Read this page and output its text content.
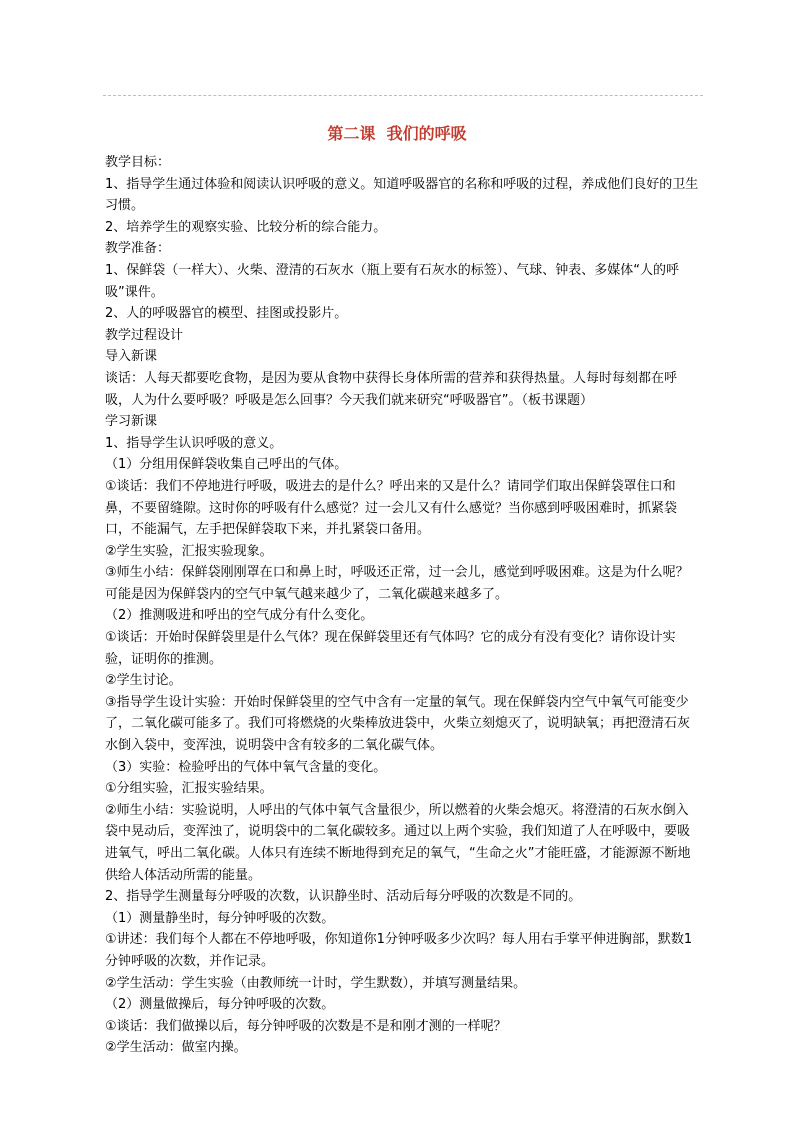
第二课  我们的呼吸

教学目标：

1、指导学生通过体验和阅读认识呼吸的意义。知道呼吸器官的名称和呼吸的过程，养成他们良好的卫生习惯。

2、培养学生的观察实验、比较分析的综合能力。

教学准备：

1、保鲜袋（一样大）、火柴、澄清的石灰水（瓶上要有石灰水的标签）、气球、钟表、多媒体“人的呼吸”课件。

2、人的呼吸器官的模型、挂图或投影片。

教学过程设计

导入新课

谈话：人每天都要吃食物，是因为要从食物中获得长身体所需的营养和获得热量。人每时每刻都在呼吸，人为什么要呼吸？呼吸是怎么回事？今天我们就来研究“呼吸器官”。（板书课题）

学习新课

1、指导学生认识呼吸的意义。

（1）分组用保鲜袋收集自己呼出的气体。

①谈话：我们不停地进行呼吸，吸进去的是什么？呼出来的又是什么？请同学们取出保鲜袋罩住口和鼻，不要留缝隙。这时你的呼吸有什么感觉？过一会儿又有什么感觉？当你感到呼吸困难时，抓紧袋口，不能漏气，左手把保鲜袋取下来，并扎紧袋口备用。

②学生实验，汇报实验现象。

③师生小结：保鲜袋刚刚罩在口和鼻上时，呼吸还正常，过一会儿，感觉到呼吸困难。这是为什么呢？可能是因为保鲜袋内的空气中氧气越来越少了，二氧化碳越来越多了。

（2）推测吸进和呼出的空气成分有什么变化。

①谈话：开始时保鲜袋里是什么气体？现在保鲜袋里还有气体吗？它的成分有没有变化？请你设计实验，证明你的推测。

②学生讨论。

③指导学生设计实验：开始时保鲜袋里的空气中含有一定量的氧气。现在保鲜袋内空气中氧气可能变少了，二氧化碳可能多了。我们可将燃烧的火柴棒放进袋中，火柴立刻熄灭了，说明缺氧；再把澄清石灰水倒入袋中，变浑浊，说明袋中含有较多的二氧化碳气体。

（3）实验：检验呼出的气体中氧气含量的变化。

①分组实验，汇报实验结果。

②师生小结：实验说明，人呼出的气体中氧气含量很少，所以燃着的火柴会熄灭。将澄清的石灰水倒入袋中晃动后，变浑浊了，说明袋中的二氧化碳较多。通过以上两个实验，我们知道了人在呼吸中，要吸进氧气，呼出二氧化碳。人体只有连续不断地得到充足的氧气，“生命之火”才能旺盛，才能源源不断地供给人体活动所需的能量。

2、指导学生测量每分呼吸的次数，认识静坐时、活动后每分呼吸的次数是不同的。

（1）测量静坐时，每分钟呼吸的次数。

①讲述：我们每个人都在不停地呼吸，你知道你1分钟呼吸多少次吗？每人用右手掌平伸进胸部，默数1分钟呼吸的次数，并作记录。

②学生活动：学生实验（由教师统一计时，学生默数），并填写测量结果。

（2）测量做操后，每分钟呼吸的次数。

①谈话：我们做操以后，每分钟呼吸的次数是不是和刚才测的一样呢？

②学生活动：做室内操。
